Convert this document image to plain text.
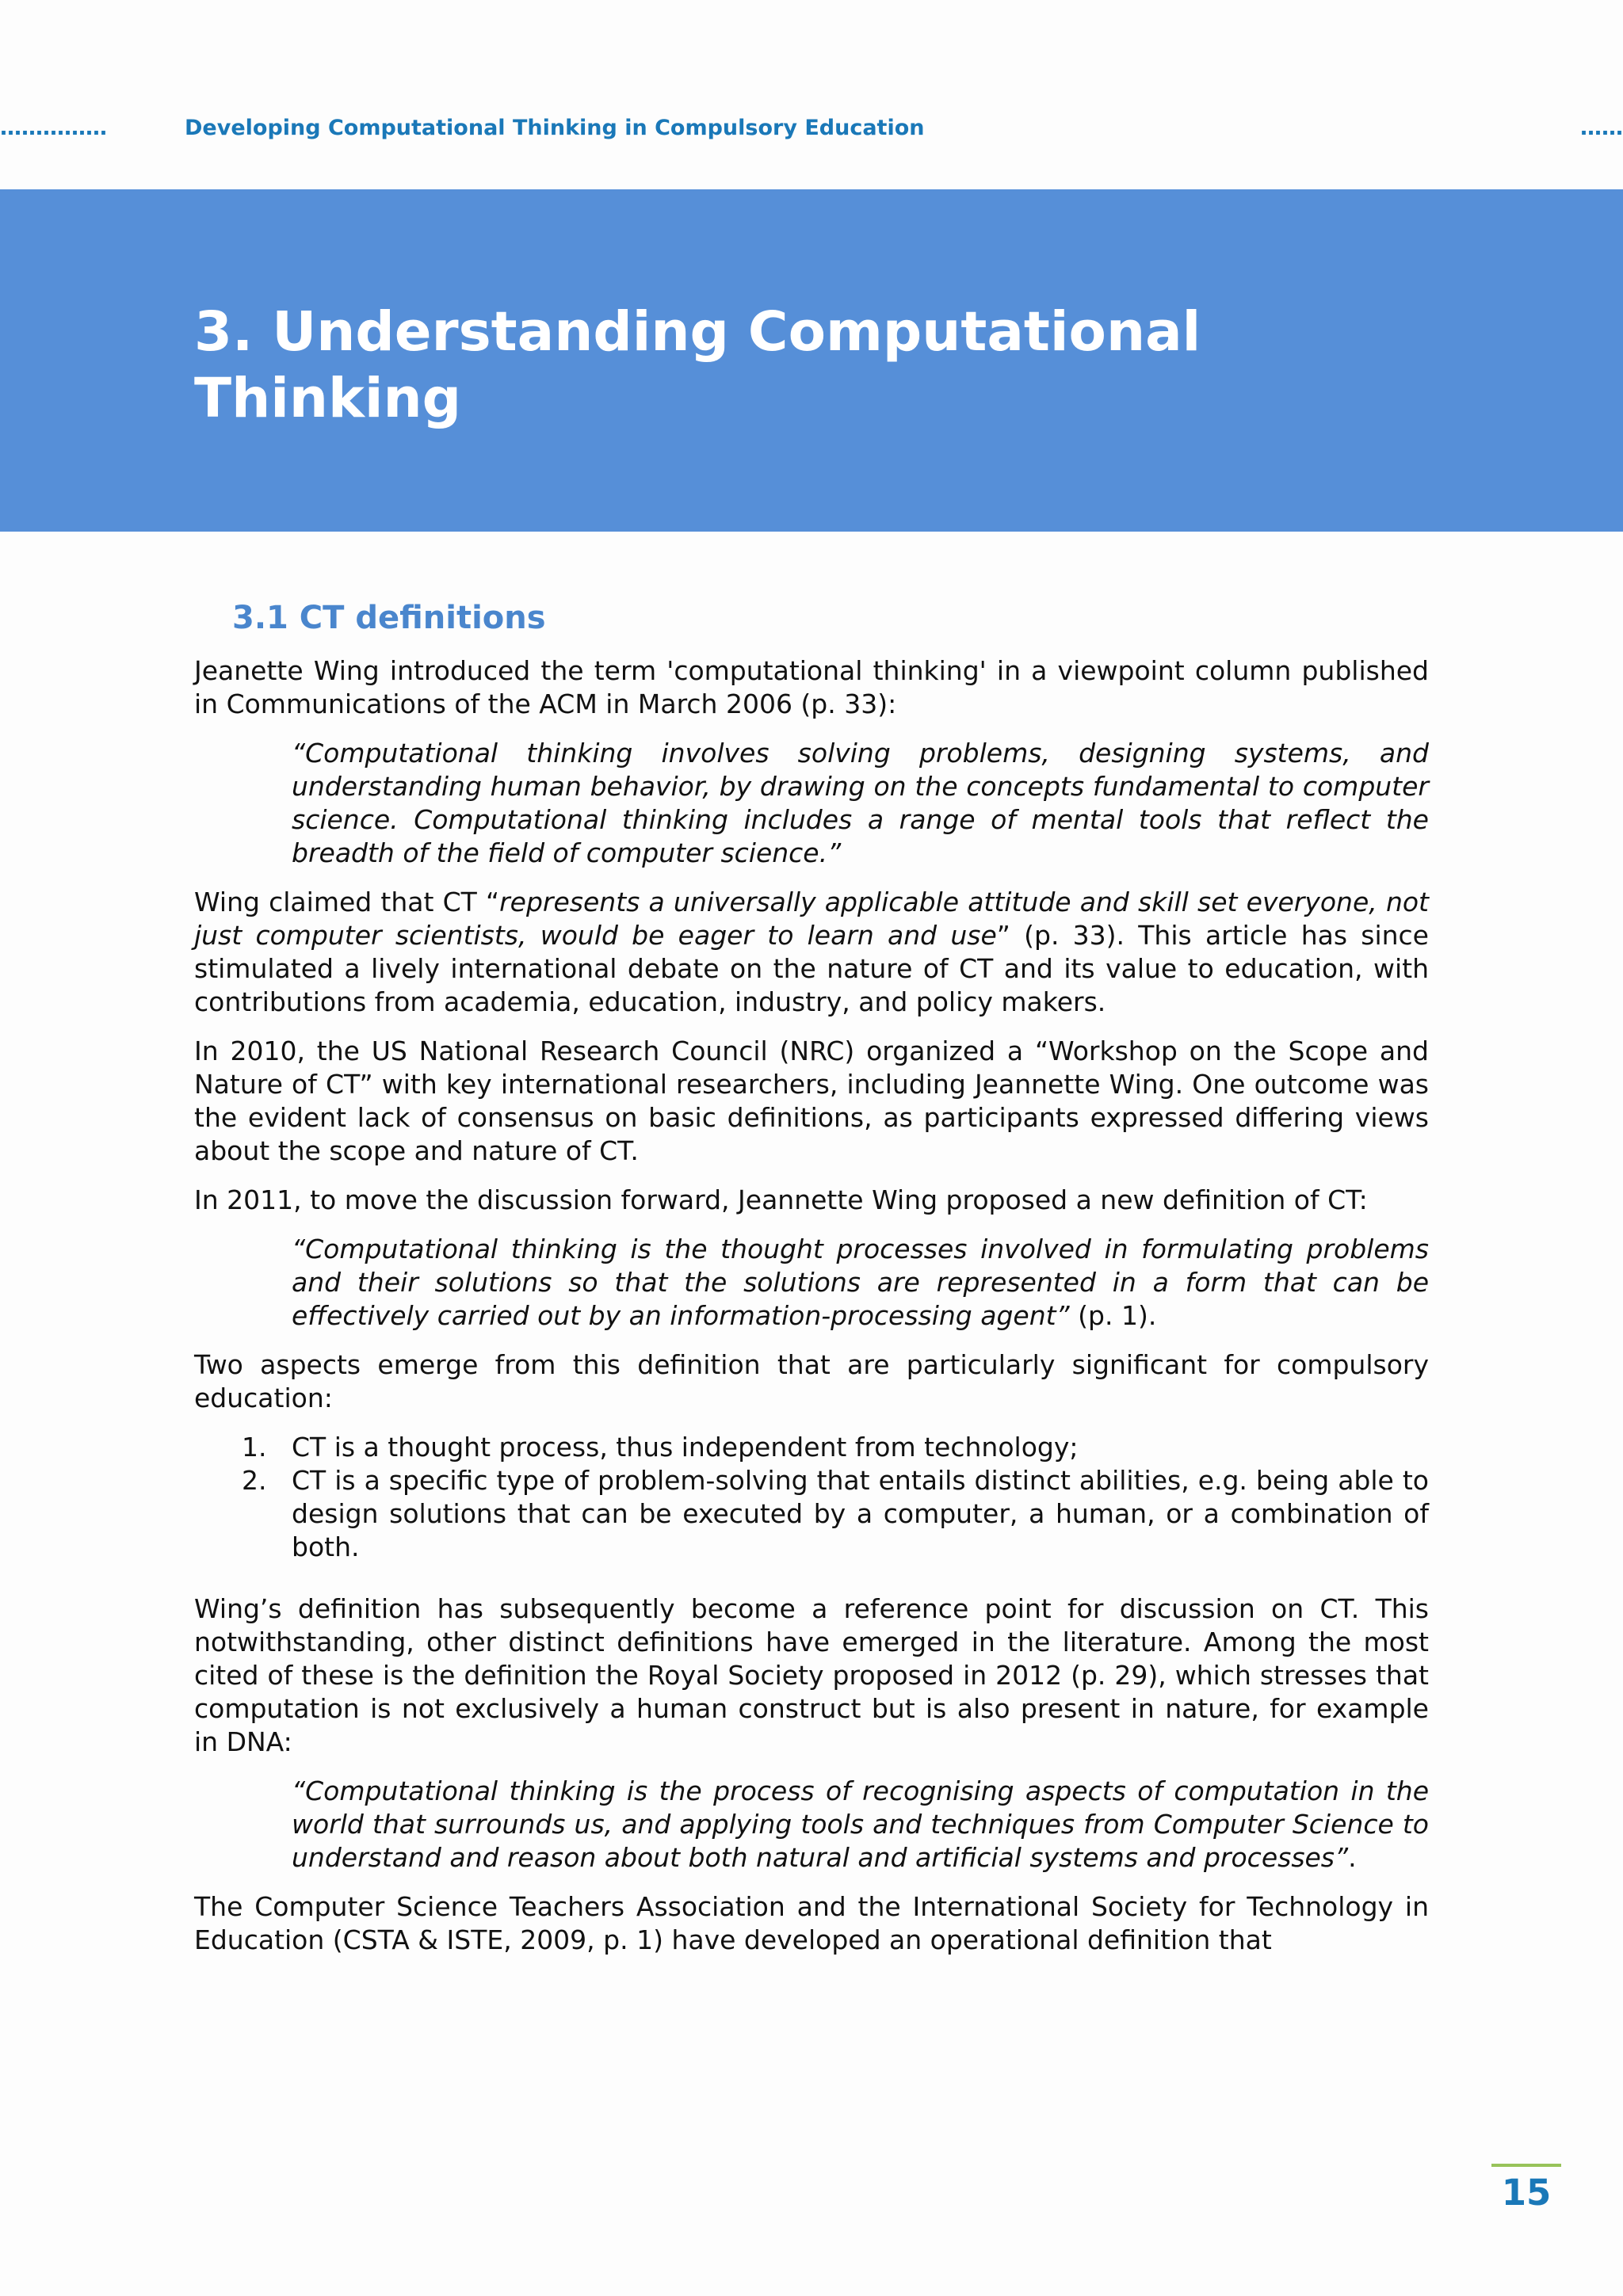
……………	Developing Computational Thinking in Compulsory Education	……
3. Understanding Computational
Thinking
3.1 CT definitions

Jeanette Wing introduced the term 'computational thinking' in a viewpoint column published in Communications of the ACM in March 2006 (p. 33):

“Computational thinking involves solving problems, designing systems, and understanding human behavior, by drawing on the concepts fundamental to computer science. Computational thinking includes a range of mental tools that reflect the breadth of the field of computer science.”

Wing claimed that CT “represents a universally applicable attitude and skill set everyone, not just computer scientists, would be eager to learn and use” (p. 33). This article has since stimulated a lively international debate on the nature of CT and its value to education, with contributions from academia, education, industry, and policy makers.

In 2010, the US National Research Council (NRC) organized a “Workshop on the Scope and Nature of CT” with key international researchers, including Jeannette Wing. One outcome was the evident lack of consensus on basic definitions, as participants expressed differing views about the scope and nature of CT.

In 2011, to move the discussion forward, Jeannette Wing proposed a new definition of CT:

“Computational thinking is the thought processes involved in formulating problems and their solutions so that the solutions are represented in a form that can be effectively carried out by an information-processing agent” (p. 1).

Two aspects emerge from this definition that are particularly significant for compulsory education:

1. CT is a thought process, thus independent from technology;
2. CT is a specific type of problem-solving that entails distinct abilities, e.g. being able to design solutions that can be executed by a computer, a human, or a combination of both.

Wing’s definition has subsequently become a reference point for discussion on CT. This notwithstanding, other distinct definitions have emerged in the literature. Among the most cited of these is the definition the Royal Society proposed in 2012 (p. 29), which stresses that computation is not exclusively a human construct but is also present in nature, for example in DNA:

“Computational thinking is the process of recognising aspects of computation in the world that surrounds us, and applying tools and techniques from Computer Science to understand and reason about both natural and artificial systems and processes”.

The Computer Science Teachers Association and the International Society for Technology in Education (CSTA & ISTE, 2009, p. 1) have developed an operational definition that

15
